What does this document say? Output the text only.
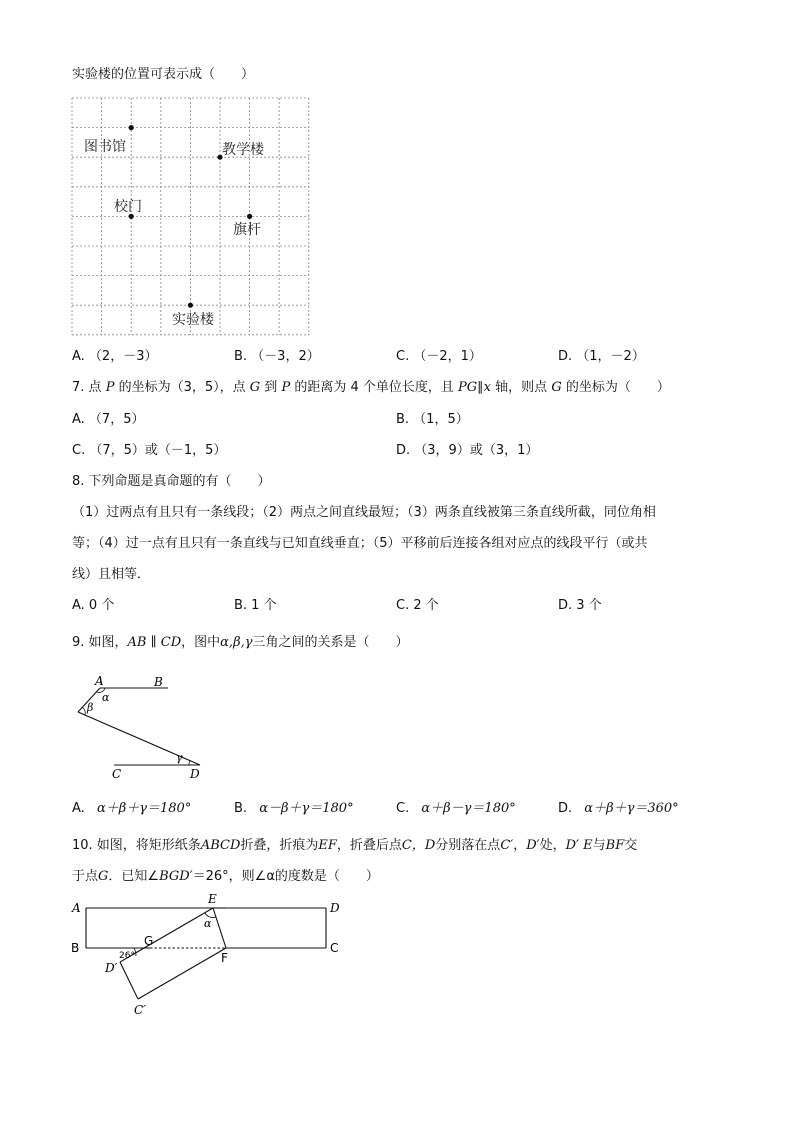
实验楼的位置可表示成（　　）
图书馆	教学楼
校门
旗杆
实验楼
A. （2，－3）	B. （－3，2）	C. （－2，1）	D. （1，－2）
7. 点 P 的坐标为（3，5），点 G 到 P 的距离为 4 个单位长度，且 PG∥x 轴，则点 G 的坐标为（　　）
A. （7，5）	B. （1，5）
C. （7，5）或（－1，5）	D. （3，9）或（3，1）
8. 下列命题是真命题的有（　　）
（1）过两点有且只有一条线段；（2）两点之间直线最短；（3）两条直线被第三条直线所截，同位角相
等；（4）过一点有且只有一条直线与已知直线垂直；（5）平移前后连接各组对应点的线段平行（或共
线）且相等．
A. 0 个	B. 1 个	C. 2 个	D. 3 个
9. 如图，AB ∥ CD，图中α,β,γ三角之间的关系是（　　）
A	B
C	D
α
β
γ
A. α＋β＋γ＝180°	B. α－β＋γ＝180°	C. α＋β－γ＝180°	D. α＋β＋γ＝360°
10. 如图，将矩形纸条ABCD折叠，折痕为EF，折叠后点C，D分别落在点C′，D′处，D′ E与BF交
于点G．已知∠BGD′＝26°，则∠α的度数是（　　）
A
B
D
C
E
F
G
D′
C′
α
26°
